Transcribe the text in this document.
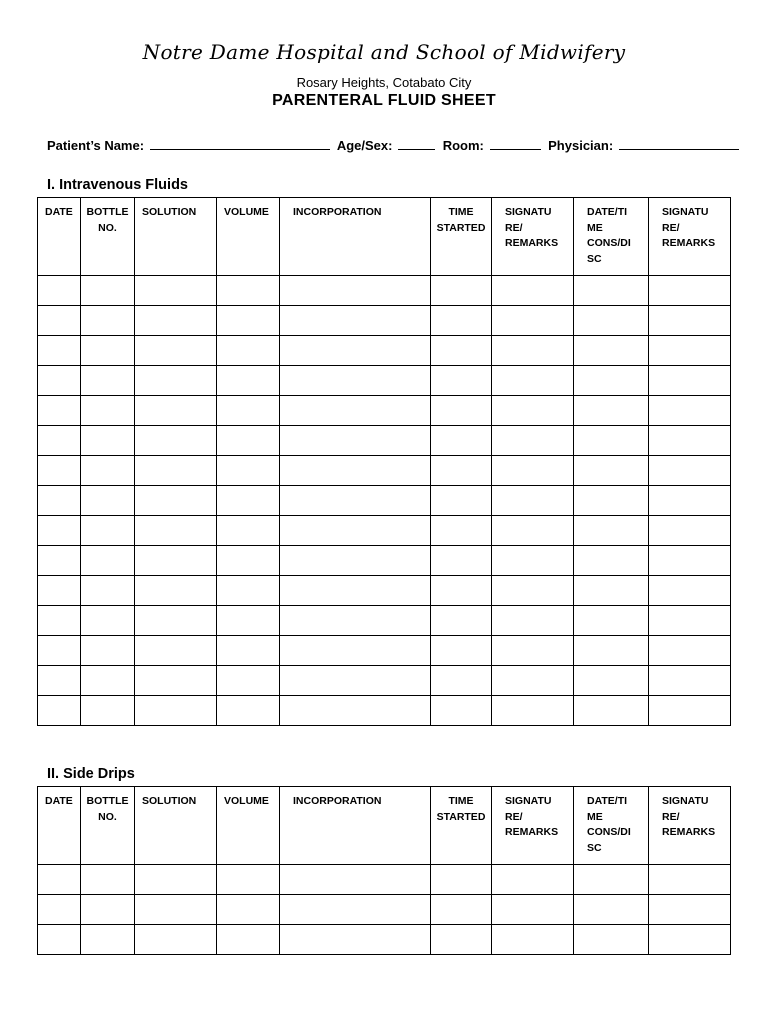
Notre Dame Hospital and School of Midwifery
Rosary Heights, Cotabato City
PARENTERAL FLUID SHEET
Patient’s Name:	Age/Sex:	Room:	Physician:
I. Intravenous Fluids
DATE	BOTTLE NO.	SOLUTION	VOLUME	INCORPORATION	TIME STARTED	SIGNATU RE/ REMARKS	DATE/TI ME CONS/DI SC	SIGNATU RE/ REMARKS

II. Side Drips
DATE	BOTTLE NO.	SOLUTION	VOLUME	INCORPORATION	TIME STARTED	SIGNATU RE/ REMARKS	DATE/TI ME CONS/DI SC	SIGNATU RE/ REMARKS
